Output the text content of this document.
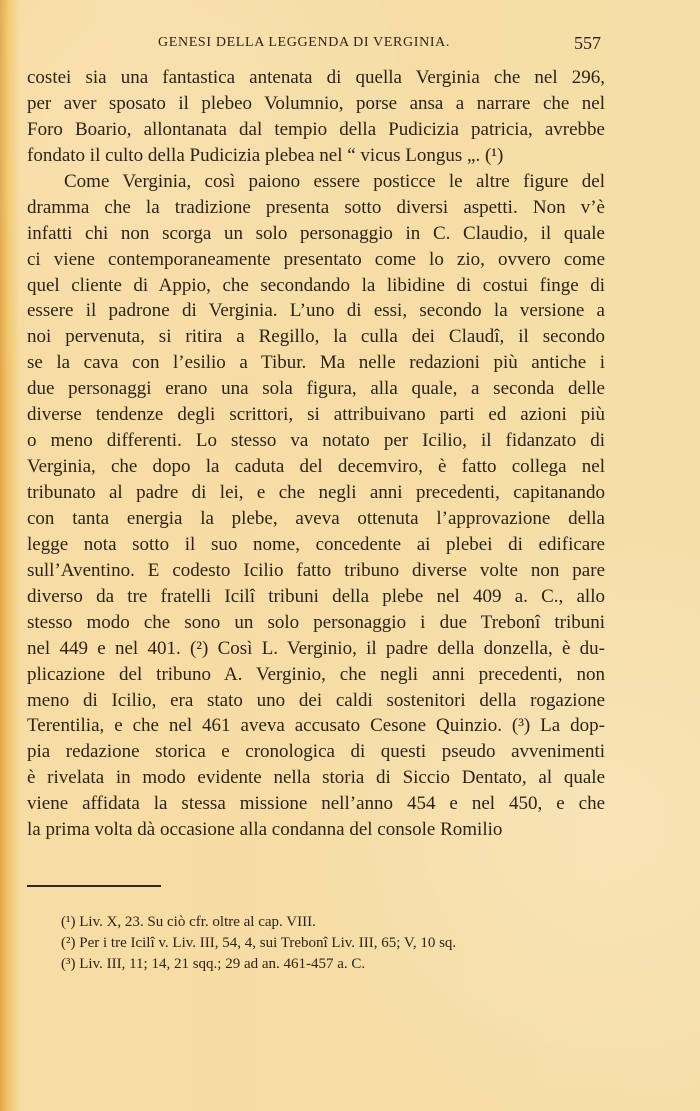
GENESI DELLA LEGGENDA DI VERGINIA.	557
costei sia una fantastica antenata di quella Verginia che nel 296,
per aver sposato il plebeo Volumnio, porse ansa a narrare che nel
Foro Boario, allontanata dal tempio della Pudicizia patricia, avrebbe
fondato il culto della Pudicizia plebea nel “ vicus Longus „. (¹)
Come Verginia, così paiono essere posticce le altre figure del
dramma che la tradizione presenta sotto diversi aspetti. Non v’è
infatti chi non scorga un solo personaggio in C. Claudio, il quale
ci viene contemporaneamente presentato come lo zio, ovvero come
quel cliente di Appio, che secondando la libidine di costui finge di
essere il padrone di Verginia. L’uno di essi, secondo la versione a
noi pervenuta, si ritira a Regillo, la culla dei Claudî, il secondo
se la cava con l’esilio a Tibur. Ma nelle redazioni più antiche i
due personaggi erano una sola figura, alla quale, a seconda delle
diverse tendenze degli scrittori, si attribuivano parti ed azioni più
o meno differenti. Lo stesso va notato per Icilio, il fidanzato di
Verginia, che dopo la caduta del decemviro, è fatto collega nel
tribunato al padre di lei, e che negli anni precedenti, capitanando
con tanta energia la plebe, aveva ottenuta l’approvazione della
legge nota sotto il suo nome, concedente ai plebei di edificare
sull’Aventino. E codesto Icilio fatto tribuno diverse volte non pare
diverso da tre fratelli Icilî tribuni della plebe nel 409 a. C., allo
stesso modo che sono un solo personaggio i due Trebonî tribuni
nel 449 e nel 401. (²) Così L. Verginio, il padre della donzella, è du-
plicazione del tribuno A. Verginio, che negli anni precedenti, non
meno di Icilio, era stato uno dei caldi sostenitori della rogazione
Terentilia, e che nel 461 aveva accusato Cesone Quinzio. (³) La dop-
pia redazione storica e cronologica di questi pseudo avvenimenti
è rivelata in modo evidente nella storia di Siccio Dentato, al quale
viene affidata la stessa missione nell’anno 454 e nel 450, e che
la prima volta dà occasione alla condanna del console Romilio
(¹) Liv. X, 23. Su ciò cfr. oltre al cap. VIII.
(²) Per i tre Icilî v. Liv. III, 54, 4, sui Trebonî Liv. III, 65; V, 10 sq.
(³) Liv. III, 11; 14, 21 sqq.; 29 ad an. 461-457 a. C.
